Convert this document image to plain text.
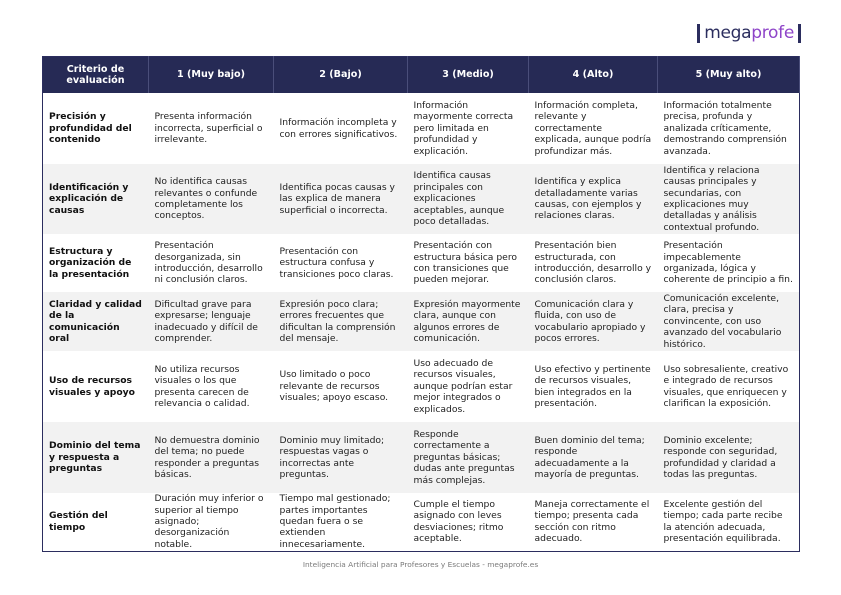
mega profe
Criterio de evaluación	1 (Muy bajo)	2 (Bajo)	3 (Medio)	4 (Alto)	5 (Muy alto)
Precisión y profundidad del contenido	Presenta información incorrecta, superficial o irrelevante.	Información incompleta y con errores significativos.	Información mayormente correcta pero limitada en profundidad y explicación.	Información completa, relevante y correctamente explicada, aunque podría profundizar más.	Información totalmente precisa, profunda y analizada críticamente, demostrando comprensión avanzada.
Identificación y explicación de causas	No identifica causas relevantes o confunde completamente los conceptos.	Identifica pocas causas y las explica de manera superficial o incorrecta.	Identifica causas principales con explicaciones aceptables, aunque poco detalladas.	Identifica y explica detalladamente varias causas, con ejemplos y relaciones claras.	Identifica y relaciona causas principales y secundarias, con explicaciones muy detalladas y análisis contextual profundo.
Estructura y organización de la presentación	Presentación desorganizada, sin introducción, desarrollo ni conclusión claros.	Presentación con estructura confusa y transiciones poco claras.	Presentación con estructura básica pero con transiciones que pueden mejorar.	Presentación bien estructurada, con introducción, desarrollo y conclusión claros.	Presentación impecablemente organizada, lógica y coherente de principio a fin.
Claridad y calidad de la comunicación oral	Dificultad grave para expresarse; lenguaje inadecuado y difícil de comprender.	Expresión poco clara; errores frecuentes que dificultan la comprensión del mensaje.	Expresión mayormente clara, aunque con algunos errores de comunicación.	Comunicación clara y fluida, con uso de vocabulario apropiado y pocos errores.	Comunicación excelente, clara, precisa y convincente, con uso avanzado del vocabulario histórico.
Uso de recursos visuales y apoyo	No utiliza recursos visuales o los que presenta carecen de relevancia o calidad.	Uso limitado o poco relevante de recursos visuales; apoyo escaso.	Uso adecuado de recursos visuales, aunque podrían estar mejor integrados o explicados.	Uso efectivo y pertinente de recursos visuales, bien integrados en la presentación.	Uso sobresaliente, creativo e integrado de recursos visuales, que enriquecen y clarifican la exposición.
Dominio del tema y respuesta a preguntas	No demuestra dominio del tema; no puede responder a preguntas básicas.	Dominio muy limitado; respuestas vagas o incorrectas ante preguntas.	Responde correctamente a preguntas básicas; dudas ante preguntas más complejas.	Buen dominio del tema; responde adecuadamente a la mayoría de preguntas.	Dominio excelente; responde con seguridad, profundidad y claridad a todas las preguntas.
Gestión del tiempo	Duración muy inferior o superior al tiempo asignado; desorganización notable.	Tiempo mal gestionado; partes importantes quedan fuera o se extienden innecesariamente.	Cumple el tiempo asignado con leves desviaciones; ritmo aceptable.	Maneja correctamente el tiempo; presenta cada sección con ritmo adecuado.	Excelente gestión del tiempo; cada parte recibe la atención adecuada, presentación equilibrada.
Inteligencia Artificial para Profesores y Escuelas - megaprofe.es
